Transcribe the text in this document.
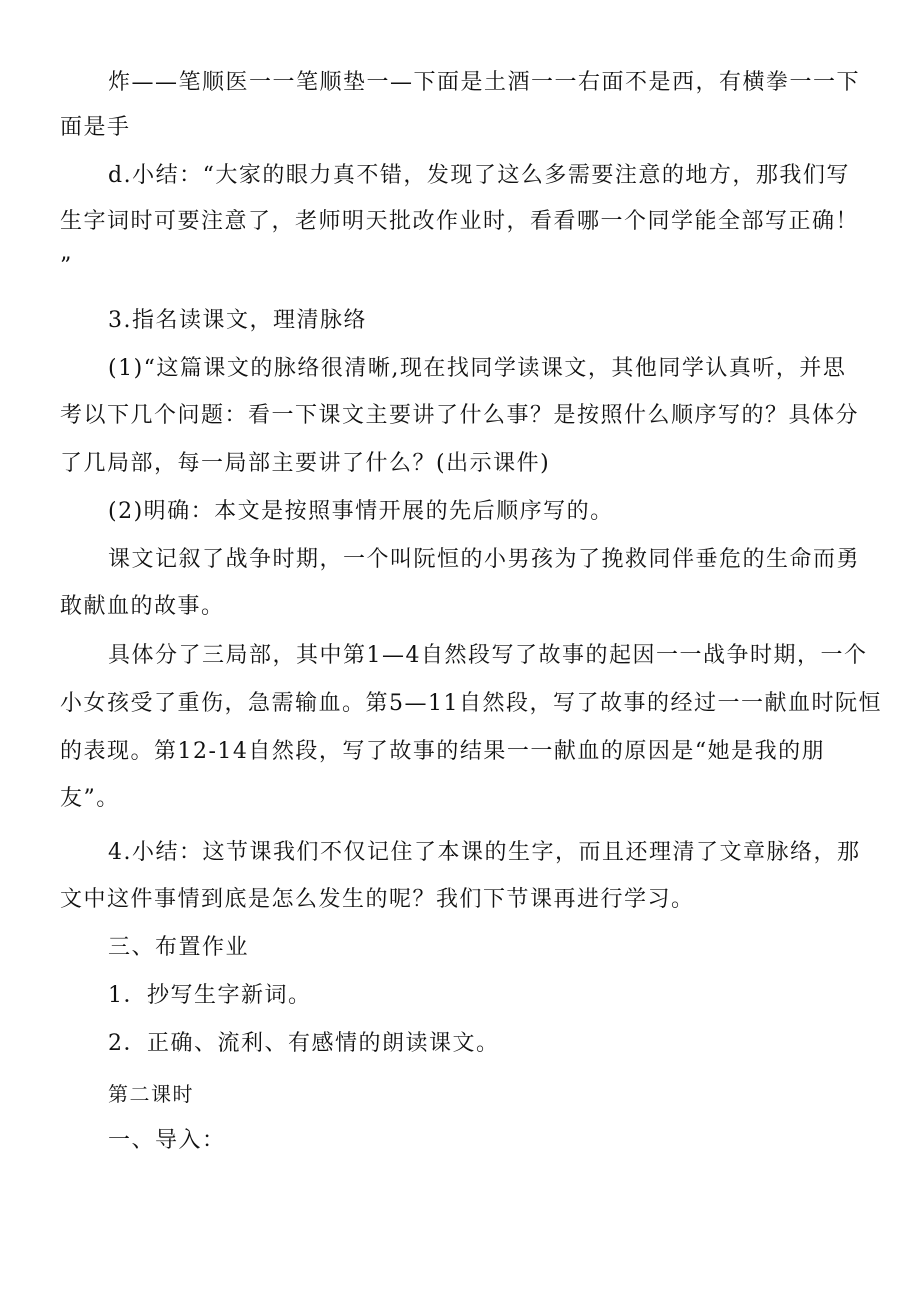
炸——笔顺医一一笔顺垫一—下面是土酒一一右面不是西，有横拳一一下
面是手
d.小结：“大家的眼力真不错，发现了这么多需要注意的地方，那我们写
生字词时可要注意了，老师明天批改作业时，看看哪一个同学能全部写正确！
”
3.指名读课文，理清脉络
(1)“这篇课文的脉络很清晰,现在找同学读课文，其他同学认真听，并思
考以下几个问题：看一下课文主要讲了什么事？是按照什么顺序写的？具体分
了几局部，每一局部主要讲了什么？(出示课件)
(2)明确：本文是按照事情开展的先后顺序写的。
课文记叙了战争时期，一个叫阮恒的小男孩为了挽救同伴垂危的生命而勇
敢献血的故事。
具体分了三局部，其中第1—4自然段写了故事的起因一一战争时期，一个
小女孩受了重伤，急需输血。第5—11自然段，写了故事的经过一一献血时阮恒
的表现。第12-14自然段，写了故事的结果一一献血的原因是“她是我的朋
友”。
4.小结：这节课我们不仅记住了本课的生字，而且还理清了文章脉络，那
文中这件事情到底是怎么发生的呢？我们下节课再进行学习。
三、布置作业
1．抄写生字新词。
2．正确、流利、有感情的朗读课文。
第二课时
一、导入：
